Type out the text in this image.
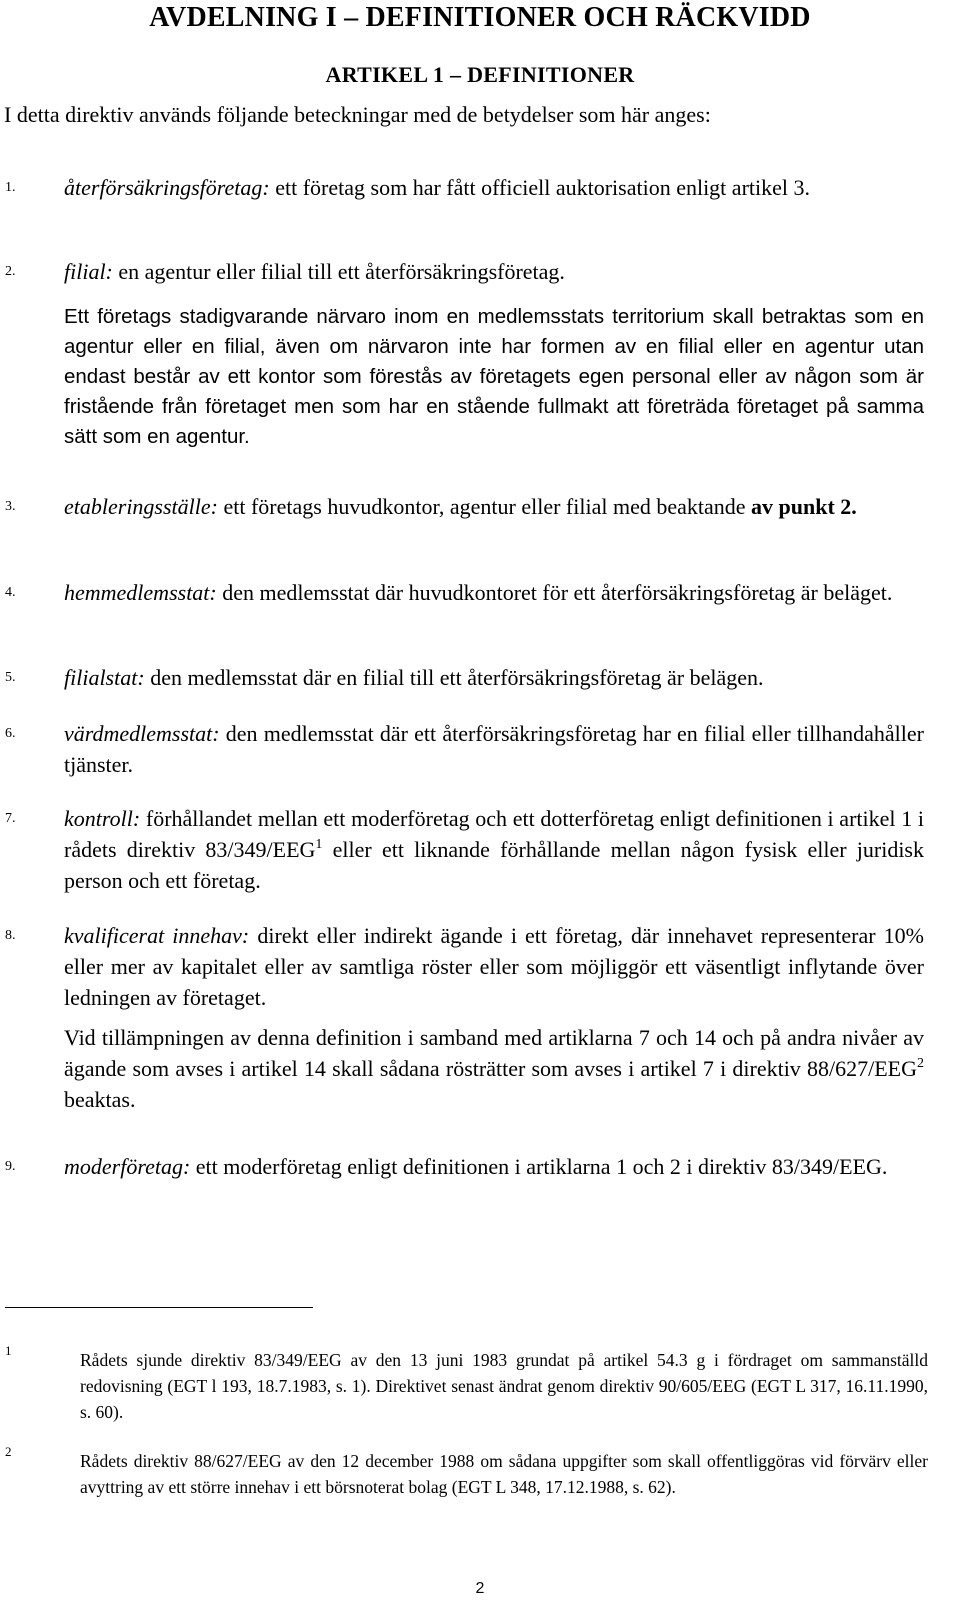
AVDELNING I – DEFINITIONER OCH RÄCKVIDD
ARTIKEL 1 – DEFINITIONER
I detta direktiv används följande beteckningar med de betydelser som här anges:
1. återförsäkringsföretag: ett företag som har fått officiell auktorisation enligt artikel 3.
2. filial: en agentur eller filial till ett återförsäkringsföretag.
Ett företags stadigvarande närvaro inom en medlemsstats territorium skall betraktas som en agentur eller en filial, även om närvaron inte har formen av en filial eller en agentur utan endast består av ett kontor som förestås av företagets egen personal eller av någon som är fristående från företaget men som har en stående fullmakt att företräda företaget på samma sätt som en agentur.
3. etableringsställe: ett företags huvudkontor, agentur eller filial med beaktande av punkt 2.
4. hemmedlemsstat: den medlemsstat där huvudkontoret för ett återförsäkringsföretag är beläget.
5. filialstat: den medlemsstat där en filial till ett återförsäkringsföretag är belägen.
6. värdmedlemsstat: den medlemsstat där ett återförsäkringsföretag har en filial eller tillhandahåller tjänster.
7. kontroll: förhållandet mellan ett moderföretag och ett dotterföretag enligt definitionen i artikel 1 i rådets direktiv 83/349/EEG$^1$ eller ett liknande förhållande mellan någon fysisk eller juridisk person och ett företag.
8. kvalificerat innehav: direkt eller indirekt ägande i ett företag, där innehavet representerar 10% eller mer av kapitalet eller av samtliga röster eller som möjliggör ett väsentligt inflytande över ledningen av företaget.
Vid tillämpningen av denna definition i samband med artiklarna 7 och 14 och på andra nivåer av ägande som avses i artikel 14 skall sådana rösträtter som avses i artikel 7 i direktiv 88/627/EEG$^2$ beaktas.
9. moderföretag: ett moderföretag enligt definitionen i artiklarna 1 och 2 i direktiv 83/349/EEG.
1	Rådets sjunde direktiv 83/349/EEG av den 13 juni 1983 grundat på artikel 54.3 g i fördraget om sammanställd redovisning (EGT l 193, 18.7.1983, s. 1). Direktivet senast ändrat genom direktiv 90/605/EEG (EGT L 317, 16.11.1990, s. 60).
2	Rådets direktiv 88/627/EEG av den 12 december 1988 om sådana uppgifter som skall offentliggöras vid förvärv eller avyttring av ett större innehav i ett börsnoterat bolag (EGT L 348, 17.12.1988, s. 62).
2
